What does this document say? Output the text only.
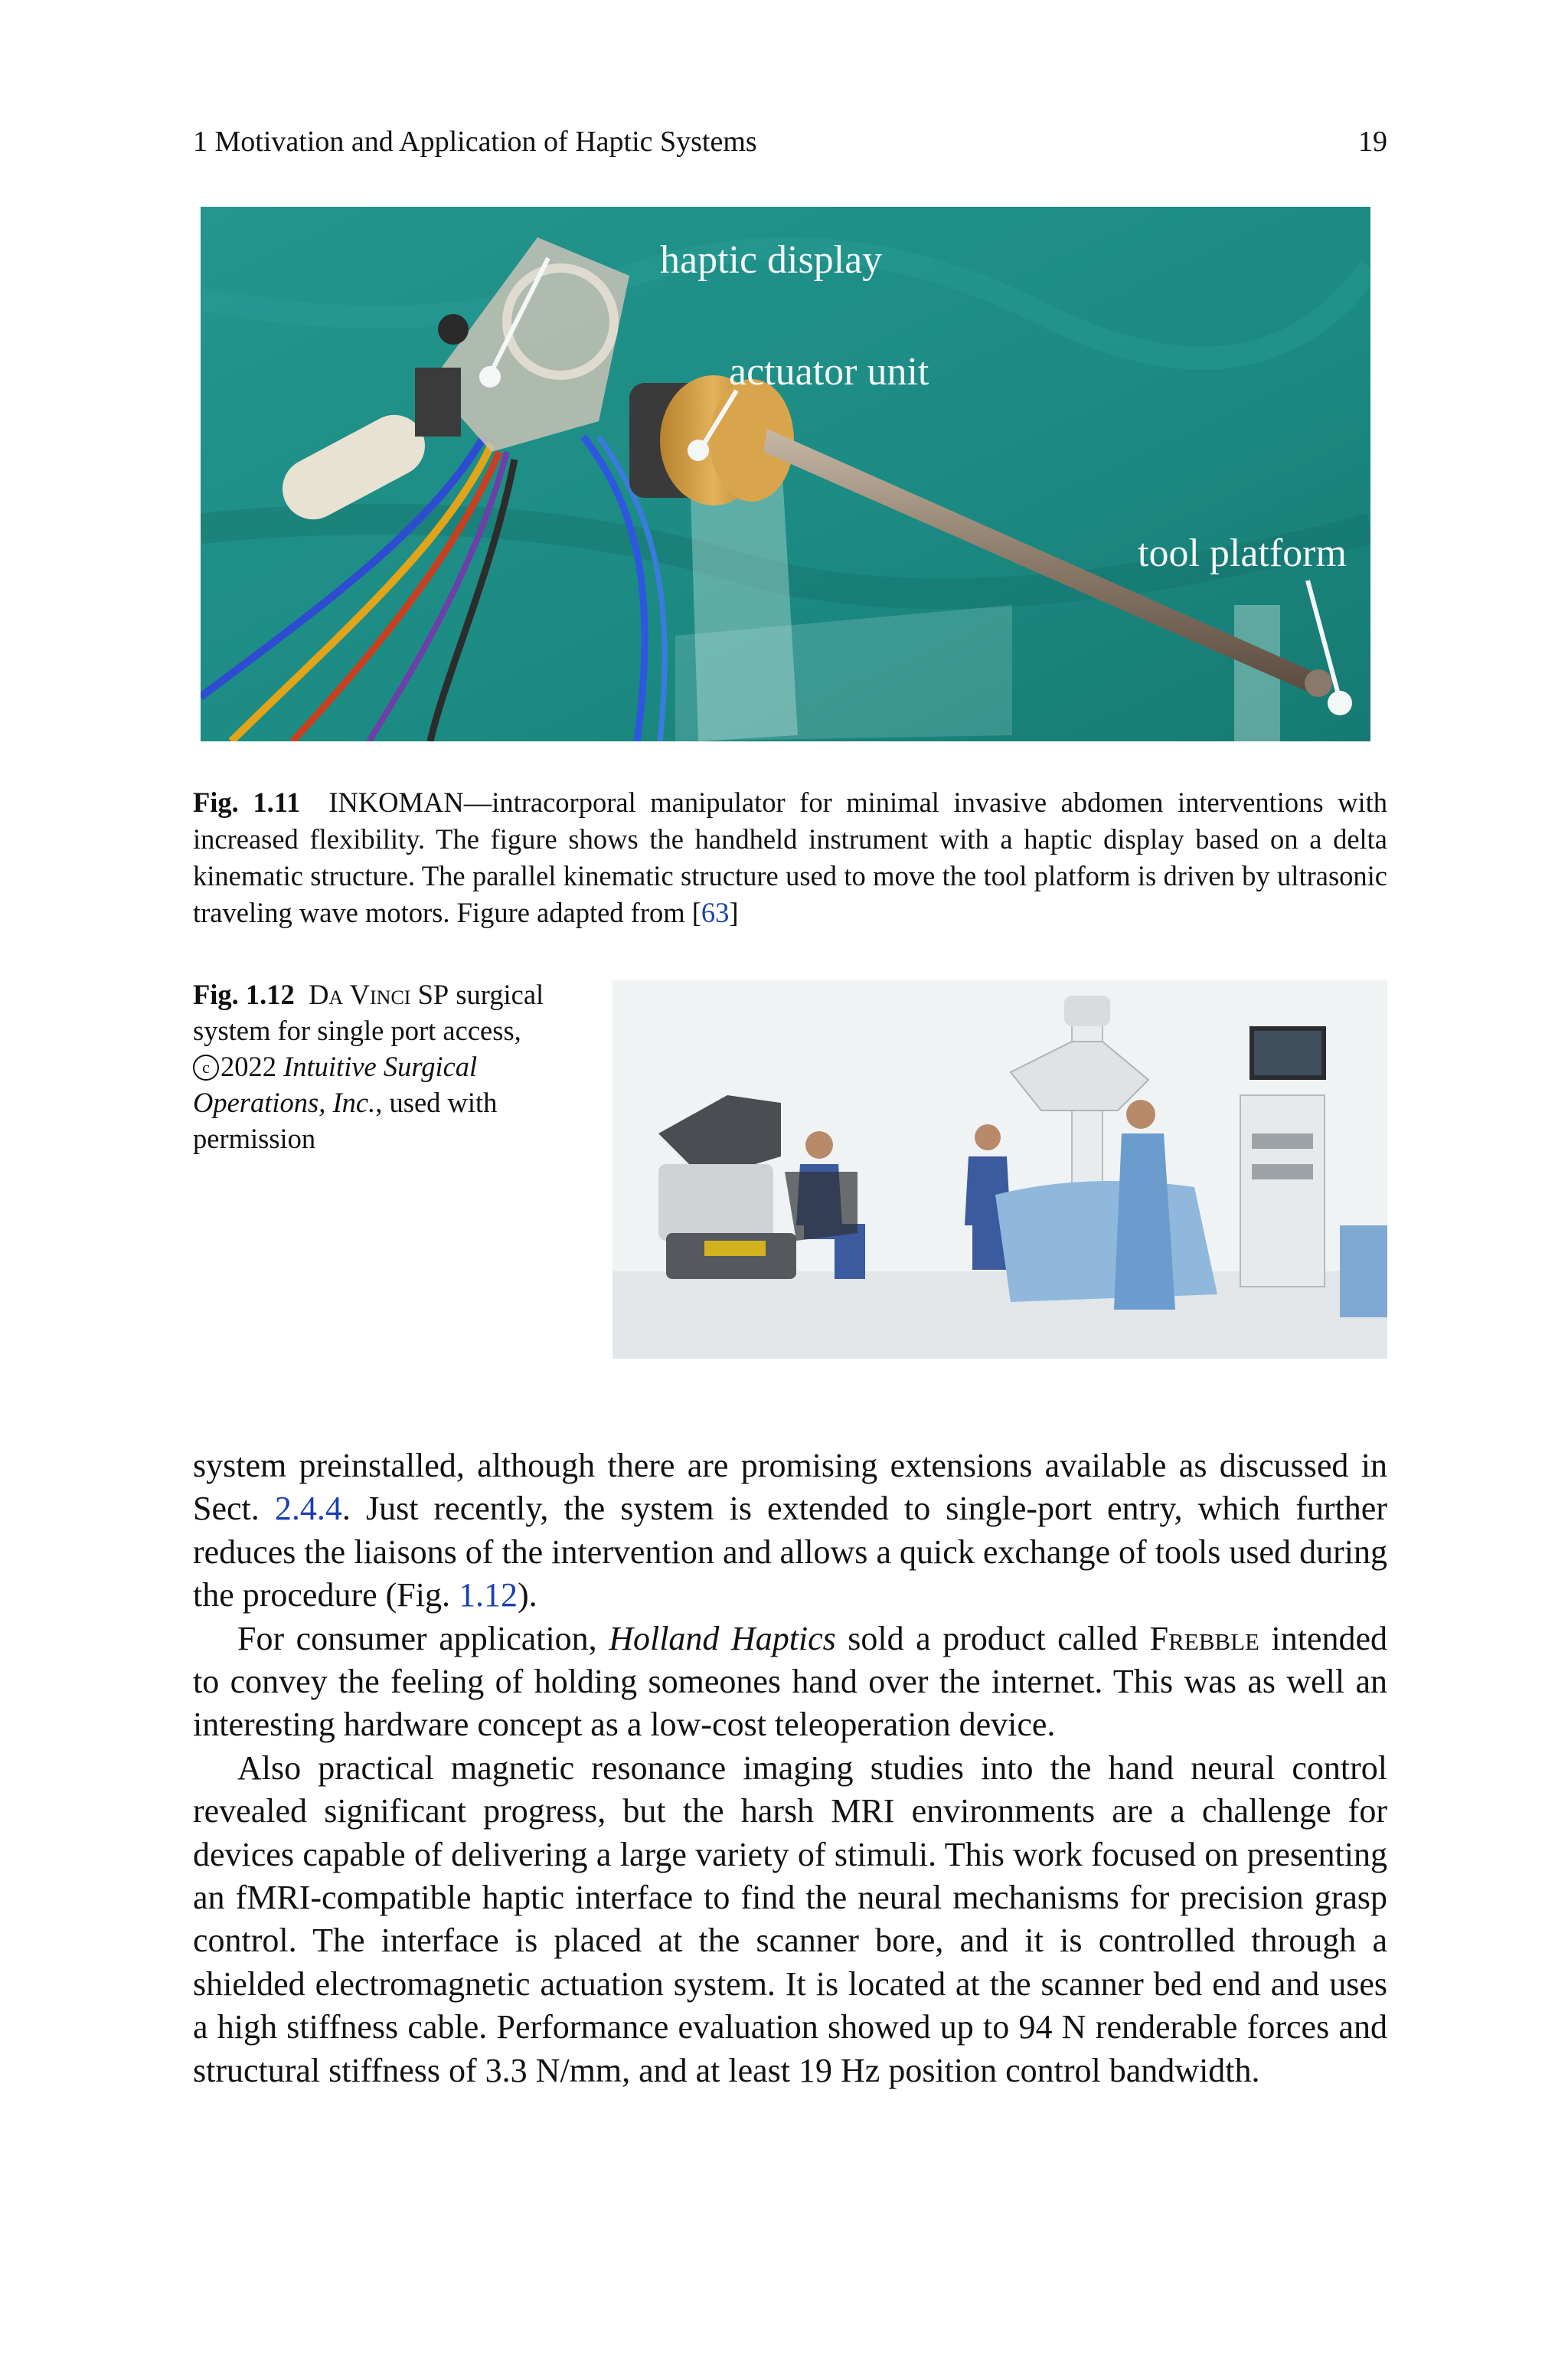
1 Motivation and Application of Haptic Systems	19
haptic display
actuator unit
tool platform
Fig. 1.11 INKOMAN—intracorporal manipulator for minimal invasive abdomen interventions with increased flexibility. The figure shows the handheld instrument with a haptic display based on a delta kinematic structure. The parallel kinematic structure used to move the tool platform is driven by ultrasonic traveling wave motors. Figure adapted from [63]
Fig. 1.12 Da Vinci SP surgical system for single port access, c 2022 Intuitive Surgical Operations, Inc., used with permission

system preinstalled, although there are promising extensions available as discussed in Sect. 2.4.4. Just recently, the system is extended to single-port entry, which further reduces the liaisons of the intervention and allows a quick exchange of tools used during the procedure (Fig. 1.12).

For consumer application, Holland Haptics sold a product called Frebble intended to convey the feeling of holding someones hand over the internet. This was as well an interesting hardware concept as a low-cost teleoperation device.

Also practical magnetic resonance imaging studies into the hand neural control revealed significant progress, but the harsh MRI environments are a challenge for devices capable of delivering a large variety of stimuli. This work focused on presenting an fMRI-compatible haptic interface to find the neural mechanisms for precision grasp control. The interface is placed at the scanner bore, and it is controlled through a shielded electromagnetic actuation system. It is located at the scanner bed end and uses a high stiffness cable. Performance evaluation showed up to 94 N renderable forces and structural stiffness of 3.3 N/mm, and at least 19 Hz position control bandwidth.
